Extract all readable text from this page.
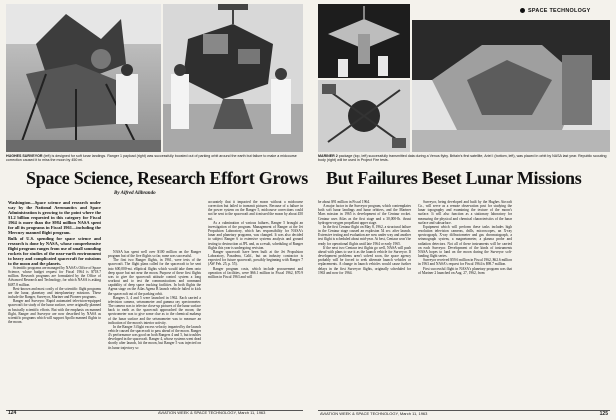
HUGHES SURVEYOR (left) is designed for soft lunar landings. Ranger 1 payload (right) was successfully boosted out of parking orbit around the earth but failure to make a midcourse correction caused it to miss the moon by 450 mi.
SPACE TECHNOLOGY
MARINER 2 package (top, left) successfully transmitted data during a Venus flyby. Britain's first satellite, Ariel I (bottom, left), was placed in orbit by NASA last year. Republic scouting body (right) will be used in Project Fire tests.
Space Science, Research Effort Grows But Failures Beset Lunar Missions
By Alfred Alibrando

Washington—Space science and research under way by the National Aeronautics and Space Administration is growing to the point where the $1.2 billion requested in this category for Fiscal 1964 is more than the $984 million NASA spent for all its programs in Fiscal 1961—including the Mercury manned flight program.

Bulk of U.S. spending for space science and research is done by NASA, whose comprehensive flight program ranges from use of small sounding rockets for studies of the near-earth environment to heavy and complicated spacecraft for missions to the moon and the planets.

Scientific programs are managed by NASA's Office of Space Science, whose budget request for Fiscal 1964 is $718.7 million. Research programs are formulated by the Office of Advanced Research and Technology, for which NASA is asking $487.8 million.

Best-known and most costly of the scientific flight programs are the lunar, planetary and interplanetary missions. These include the Ranger, Surveyor, Mariner and Pioneer programs.

Ranger and Surveyor. Rapid automated television-equipped spacecraft for study of the lunar surface, were originally planned as basically scientific efforts. But with the emphasis on manned flight, Ranger and Surveyor are now described by NASA as scientific programs which will support Apollo manned flights to the moon.

NASA has spent well over $100 million on the Ranger program but of the five flights so far, none was successful.

The first two Ranger flights, in 1961, were tests of the spacecraft. The flight plans called for the spacecraft to be sent into 600,000-mi. elliptical flights which would take them onto deep space but not near the moon. Purpose of these first flights was to give the spacecraft attitude control system a long workout and to test the communications and command capability of deep space tracking facilities. In both flights the Agena stage on the Atlas Agena B launch vehicle failed to kick the spacecraft out of the parking orbit.

Rangers 3, 4 and 5 were launched in 1962. Each carried a television camera, seismometer and gamma ray spectrometer. The camera was to televise close-up pictures of the lunar surface back to earth as the spacecraft approached the moon; the spectrometer was to give some clue as to the chemical makeup of the lunar surface and the seismometer was to measure an indication of the moon's interior activity.

In the Ranger 3 flight excess velocity imparted by the launch vehicle caused the spacecraft to pass ahead of the moon. Ranger 4's performance was good on both Rangers 4 and 5, but troubles developed in the spacecraft. Ranger 4, whose systems went dead shortly after launch, hit the moon, but Ranger 5 was injected on its lunar trajectory so

accurately that it impacted the moon without a midcourse correction but failed to transmit pictures. Because of a failure in the power system on the Ranger 5, midcourse corrections could not be sent to the spacecraft and it missed the moon by about 450 mi.

As a culmination of various failures, Ranger 5 brought an investigation of the program. Management of Ranger at the Jet Propulsion Laboratory, which has responsibility for NASA's lunar and planetary programs, was changed. It was also decided to subject Ranger 6 to extensive systems analysis and ground testing to destruction at JPL and, as a result, scheduling of Ranger flights this year is undergoing revision.

Ranger spacecraft have been built at the Jet Propulsion Laboratory, Pasadena, Calif., but an industry contractor is expected for future spacecraft, possibly beginning with Ranger 7 (AW Feb. 25, p. 55).

Ranger program costs, which include procurement and operation of facilities, were $66.1 million in Fiscal 1962, $70.9 million in Fiscal 1963 and will

be about $91 million in Fiscal 1964.

A major factor in the Surveyor program, which contemplates both soft lunar landings and lunar orbiters, and the Mariner Mars mission in 1965 is development of the Centaur rocket. Centaur uses Atlas as the first stage and a 30,000-lb. thrust hydrogen-oxygen propellant upper stage.

In the first Centaur flight on May 8, 1962, a structural failure in the Centaur stage caused an explosion 54 sec. after launch. Extensive testing and evaluation are now under way and another test flight is scheduled about mid-year. At best, Centaur won't be ready for operational flights until late 1964 or early 1965.

If the next two Centaur test flights go well, NASA will push ahead with plans to use it as the launch vehicle for Surveyor. If development problems aren't solved soon, the space agency probably will be forced to seek alternate launch vehicles or replacements. A change in launch vehicles would cause further delays in the first Surveyor flights, originally scheduled for 1963 and now for 1964.

Surveyor, being developed and built by the Hughes Aircraft Co., will serve as a remote observation post for studying the lunar topography and examining the texture of the moon's surface. It will also function as a stationary laboratory for measuring the physical and chemical characteristics of the lunar surface and subsurface.

Equipment which will perform these tasks includes high resolution television cameras, drills, microscopes, an X-ray spectrograph, X-ray diffractometer and gas chromatograph, a seismograph system, a magnetometer, a plasma probe and radiation detectors. Not all of these instruments will be carried on each Surveyor. Development of the kinds of instruments NASA hopes to land on the moon during the Surveyor soft-landing flight series.

Surveyor received $59.6 million in Fiscal 1962, $62.6 million in 1963 and NASA's request for Fiscal 1964 is $98.7 million.

First successful flight in NASA's planetary program was that of Mariner 2 launched on Aug. 27, 1962, from

124	AVIATION WEEK & SPACE TECHNOLOGY, March 11, 1963	AVIATION WEEK & SPACE TECHNOLOGY, March 11, 1963	125
